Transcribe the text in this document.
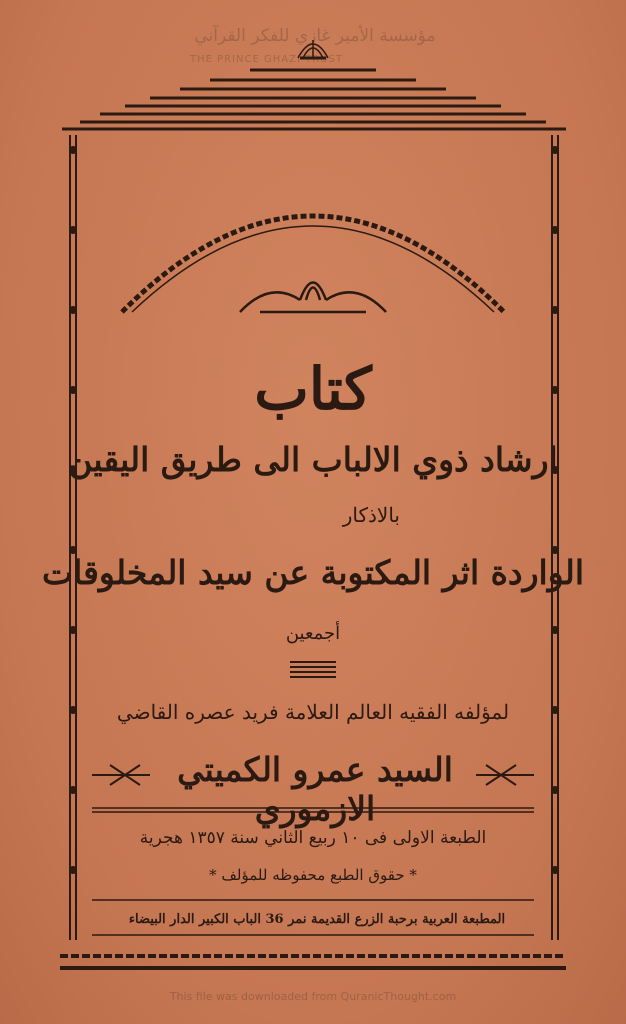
مؤسسة الأمير غازي للفكر القرآني
THE PRINCE GHAZI TRUST
كتاب
ارشاد ذوي الالباب الى طريق اليقين
بالاذكار
الواردة اثر المكتوبة عن سيد المخلوقات
أجمعين
لمؤلفه الفقيه العالم العلامة فريد عصره القاضي
السيد عمرو الكميتي الازموري
الطبعة الاولى فى ١٠ ربيع الثاني سنة ١٣٥٧ هجرية
* حقوق الطبع محفوظه للمؤلف *
المطبعة العربية برحبة الزرع القديمة نمر 36 الباب الكبير الدار البيضاء
This file was downloaded from QuranicThought.com
